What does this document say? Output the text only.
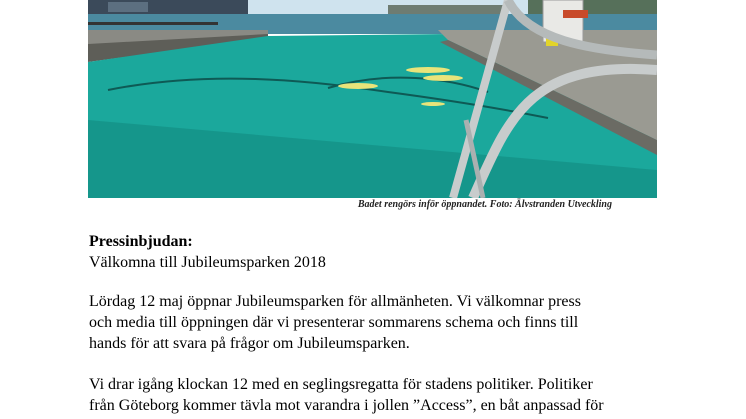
Badet rengörs inför öppnandet. Foto: Älvstranden Utveckling
Pressinbjudan:
Välkomna till Jubileumsparken 2018

Lördag 12 maj öppnar Jubileumsparken för allmänheten. Vi välkomnar press
och media till öppningen där vi presenterar sommarens schema och finns till
hands för att svara på frågor om Jubileumsparken.

Vi drar igång klockan 12 med en seglingsregatta för stadens politiker. Politiker
från Göteborg kommer tävla mot varandra i jollen ”Access”, en båt anpassad för
